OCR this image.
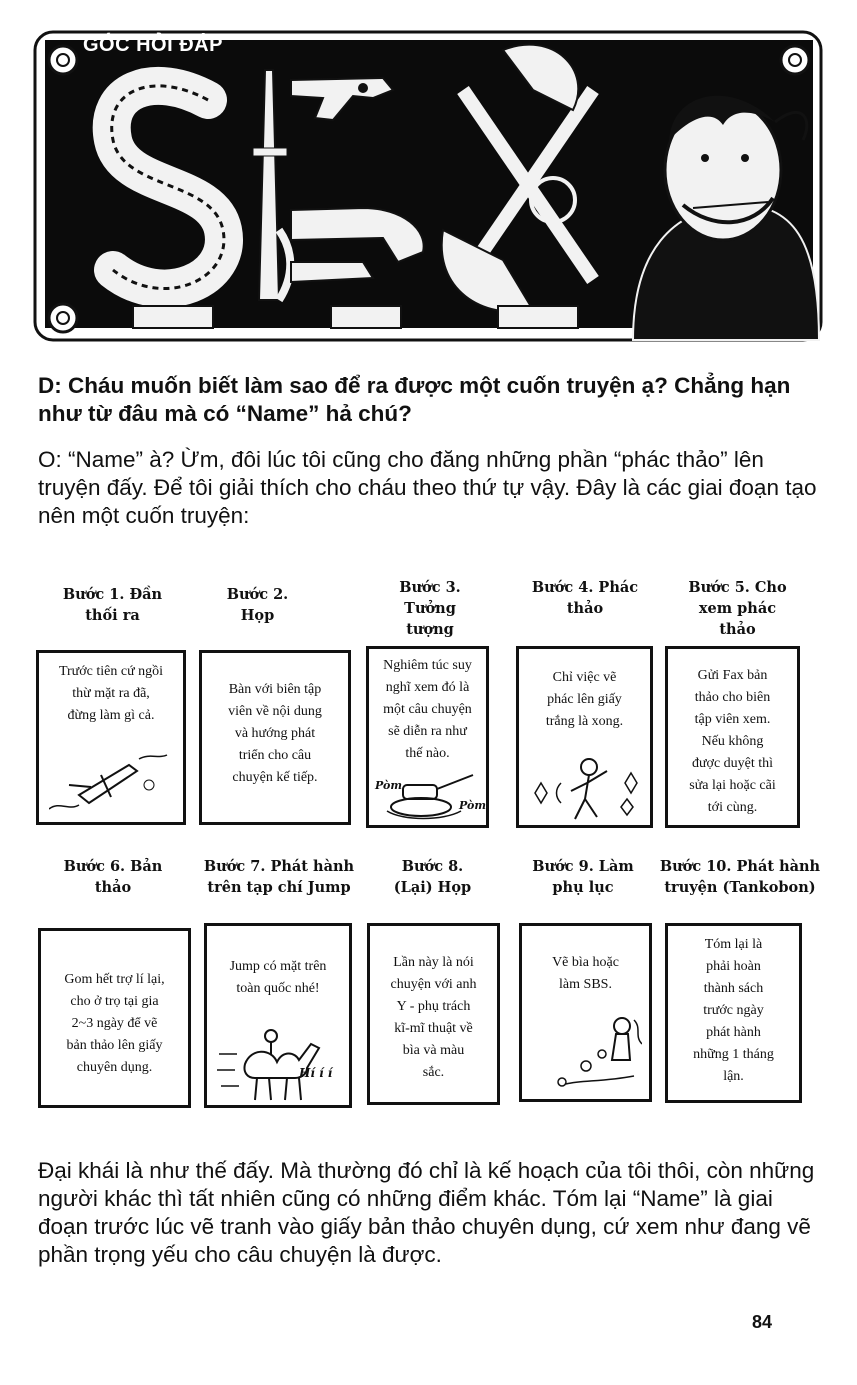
GÓC HỎI ĐÁP
D: Cháu muốn biết làm sao để ra được một cuốn truyện ạ? Chẳng hạn như từ đâu mà có “Name” hả chú?
O: “Name” à? Ừm, đôi lúc tôi cũng cho đăng những phần “phác thảo” lên truyện đấy. Để tôi giải thích cho cháu theo thứ tự vậy. Đây là các giai đoạn tạo nên một cuốn truyện:
Bước 1. Đần thối ra
Trước tiên cứ ngồi
thừ mặt ra đã,
đừng làm gì cả.
Bước 2. Họp
Bàn với biên tập
viên về nội dung
và hướng phát
triển cho câu
chuyện kế tiếp.
Bước 3. Tưởng tượng
Nghiêm túc suy
nghĩ xem đó là
một câu chuyện
sẽ diễn ra như
thế nào.
Pòm
Pòm
Bước 4. Phác thảo
Chỉ việc vẽ
phác lên giấy
trắng là xong.
Bước 5. Cho xem phác thảo
Gửi Fax bản
thảo cho biên
tập viên xem.
Nếu không
được duyệt thì
sửa lại hoặc cãi
tới cùng.
Bước 6. Bản thảo
Gom hết trợ lí lại,
cho ở trọ tại gia
2~3 ngày để vẽ
bản thảo lên giấy
chuyên dụng.
Bước 7. Phát hành trên tạp chí Jump
Jump có mặt trên
toàn quốc nhé!
Hí í í
Bước 8. (Lại) Họp
Lần này là nói
chuyện với anh
Y - phụ trách
kĩ-mĩ thuật về
bìa và màu
sắc.
Bước 9. Làm phụ lục
Vẽ bìa hoặc
làm SBS.
Bước 10. Phát hành truyện (Tankobon)
Tóm lại là
phải hoàn
thành sách
trước ngày
phát hành
những 1 tháng
lận.
Đại khái là như thế đấy. Mà thường đó chỉ là kế hoạch của tôi thôi, còn những người khác thì tất nhiên cũng có những điểm khác. Tóm lại “Name” là giai đoạn trước lúc vẽ tranh vào giấy bản thảo chuyên dụng, cứ xem như đang vẽ phần trọng yếu cho câu chuyện là được.
84
